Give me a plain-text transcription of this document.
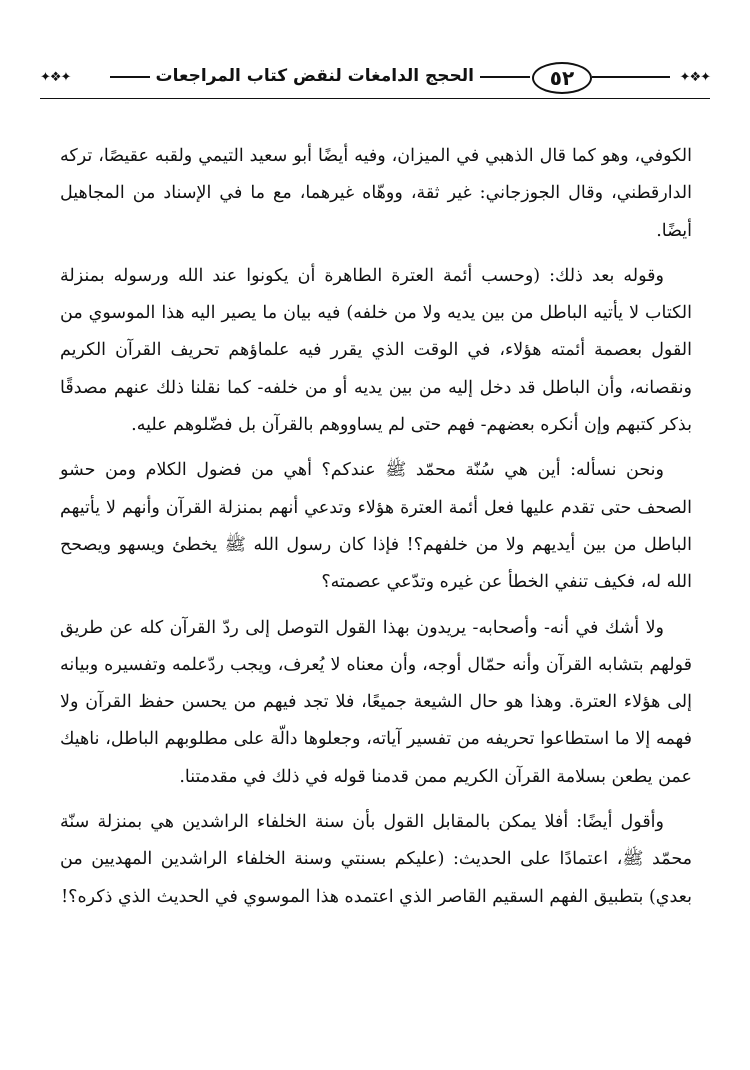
✦❖✦
٥٢
الحجج الدامغات لنقض كتاب المراجعات
✦❖✦

الكوفي، وهو كما قال الذهبي في الميزان، وفيه أيضًا أبو سعيد التيمي ولقبه عقيصًا، تركه الدارقطني، وقال الجوزجاني: غير ثقة، ووهّاه غيرهما، مع ما في الإسناد من المجاهيل أيضًا.

وقوله بعد ذلك: (وحسب أئمة العترة الطاهرة أن يكونوا عند الله ورسوله بمنزلة الكتاب لا يأتيه الباطل من بين يديه ولا من خلفه) فيه بيان ما يصير اليه هذا الموسوي من القول بعصمة أئمته هؤلاء، في الوقت الذي يقرر فيه علماؤهم تحريف القرآن الكريم ونقصانه، وأن الباطل قد دخل إليه من بين يديه أو من خلفه- كما نقلنا ذلك عنهم مصدقًا بذكر كتبهم وإن أنكره بعضهم- فهم حتى لم يساووهم بالقرآن بل فضّلوهم عليه.

ونحن نسأله: أين هي سُنّة محمّد ﷺ عندكم؟ أهي من فضول الكلام ومن حشو الصحف حتى تقدم عليها فعل أئمة العترة هؤلاء وتدعي أنهم بمنزلة القرآن وأنهم لا يأتيهم الباطل من بين أيديهم ولا من خلفهم؟! فإذا كان رسول الله ﷺ يخطئ ويسهو ويصحح الله له، فكيف تنفي الخطأ عن غيره وتدّعي عصمته؟

ولا أشك في أنه- وأصحابه- يريدون بهذا القول التوصل إلى ردّ القرآن كله عن طريق قولهم بتشابه القرآن وأنه حمّال أوجه، وأن معناه لا يُعرف، ويجب ردّعلمه وتفسيره وبيانه إلى هؤلاء العترة. وهذا هو حال الشيعة جميعًا، فلا تجد فيهم من يحسن حفظ القرآن ولا فهمه إلا ما استطاعوا تحريفه من تفسير آياته، وجعلوها دالّة على مطلوبهم الباطل، ناهيك عمن يطعن بسلامة القرآن الكريم ممن قدمنا قوله في ذلك في مقدمتنا.

وأقول أيضًا: أفلا يمكن بالمقابل القول بأن سنة الخلفاء الراشدين هي بمنزلة سنّة محمّد ﷺ، اعتمادًا على الحديث: (عليكم بسنتي وسنة الخلفاء الراشدين المهديين من بعدي) بتطبيق الفهم السقيم القاصر الذي اعتمده هذا الموسوي في الحديث الذي ذكره؟!
